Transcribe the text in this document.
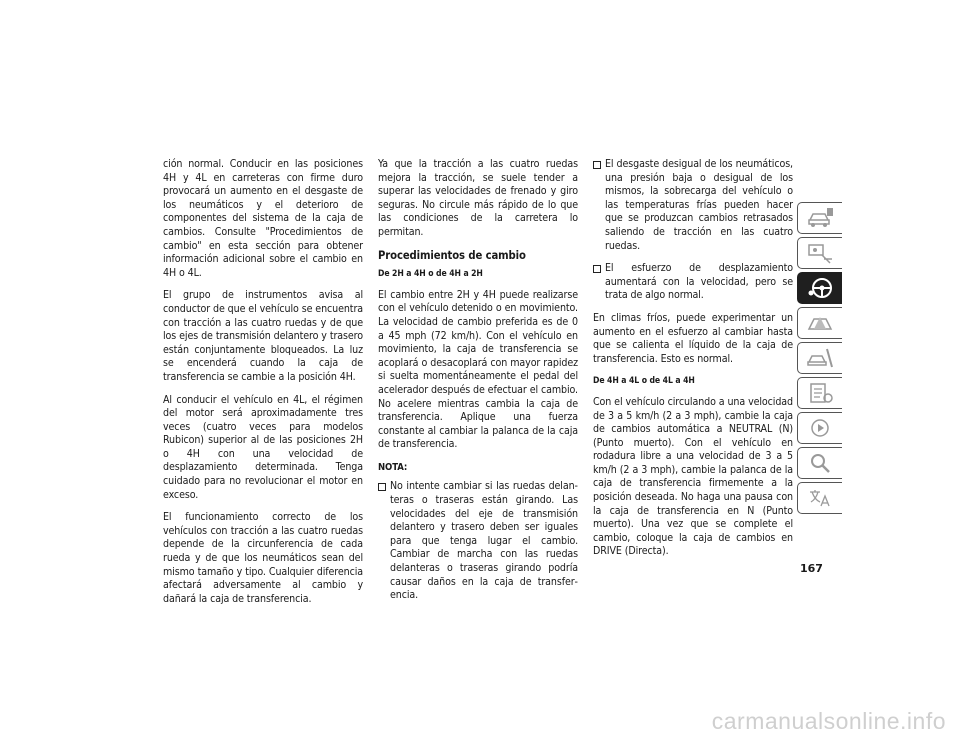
ción normal. Conducir en las posiciones 4H y 4L en carreteras con firme duro provocará un aumento en el desgaste de los neumáticos y el deterioro de componentes del sistema de la caja de cambios. Consulte "Procedimientos de cambio" en esta sección para obtener información adicional sobre el cambio en 4H o 4L.

El grupo de instrumentos avisa al conductor de que el vehículo se encuentra con tracción a las cuatro ruedas y de que los ejes de transmisión delantero y trasero están conjuntamente bloqueados. La luz se encenderá cuando la caja de transferencia se cambie a la posición 4H.

Al conducir el vehículo en 4L, el régimen del motor será aproximadamente tres veces (cuatro veces para modelos Rubicon) superior al de las posiciones 2H o 4H con una velocidad de desplazamiento determinada. Tenga cuidado para no revolucionar el motor en exceso.

El funcionamiento correcto de los vehículos con tracción a las cuatro ruedas depende de la circunferencia de cada rueda y de que los neumáticos sean del mismo tamaño y tipo. Cualquier diferencia afectará adversamente al cambio y dañará la caja de transferencia.

Ya que la tracción a las cuatro ruedas mejora la tracción, se suele tender a superar las velocidades de frenado y giro seguras. No circule más rápido de lo que las condiciones de la carretera lo permitan.

Procedimientos de cambio
De 2H a 4H o de 4H a 2H

El cambio entre 2H y 4H puede realizarse con el vehículo detenido o en movimiento. La velocidad de cambio preferida es de 0 a 45 mph (72 km/h). Con el vehículo en movimiento, la caja de transferencia se acoplará o desacoplará con mayor rapidez si suelta momentáneamente el pedal del acelerador después de efectuar el cambio. No acelere mientras cambia la caja de transferencia. Aplique una fuerza constante al cambiar la palanca de la caja de transferencia.

NOTA:
No intente cambiar si las ruedas delanteras o traseras están girando. Las velocidades del eje de transmisión delantero y trasero deben ser iguales para que tenga lugar el cambio. Cambiar de marcha con las ruedas delanteras o traseras girando podría causar daños en la caja de transferencia.
El desgaste desigual de los neumáticos, una presión baja o desigual de los mismos, la sobrecarga del vehículo o las temperaturas frías pueden hacer que se produzcan cambios retrasados saliendo de tracción en las cuatro ruedas.
El esfuerzo de desplazamiento aumentará con la velocidad, pero se trata de algo normal.

En climas fríos, puede experimentar un aumento en el esfuerzo al cambiar hasta que se calienta el líquido de la caja de transferencia. Esto es normal.

De 4H a 4L o de 4L a 4H

Con el vehículo circulando a una velocidad de 3 a 5 km/h (2 a 3 mph), cambie la caja de cambios automática a NEUTRAL (N) (Punto muerto). Con el vehículo en rodadura libre a una velocidad de 3 a 5 km/h (2 a 3 mph), cambie la palanca de la caja de transferencia firmemente a la posición deseada. No haga una pausa con la caja de transferencia en N (Punto muerto). Una vez que se complete el cambio, coloque la caja de cambios en DRIVE (Directa).

167
carmanualsonline.info
